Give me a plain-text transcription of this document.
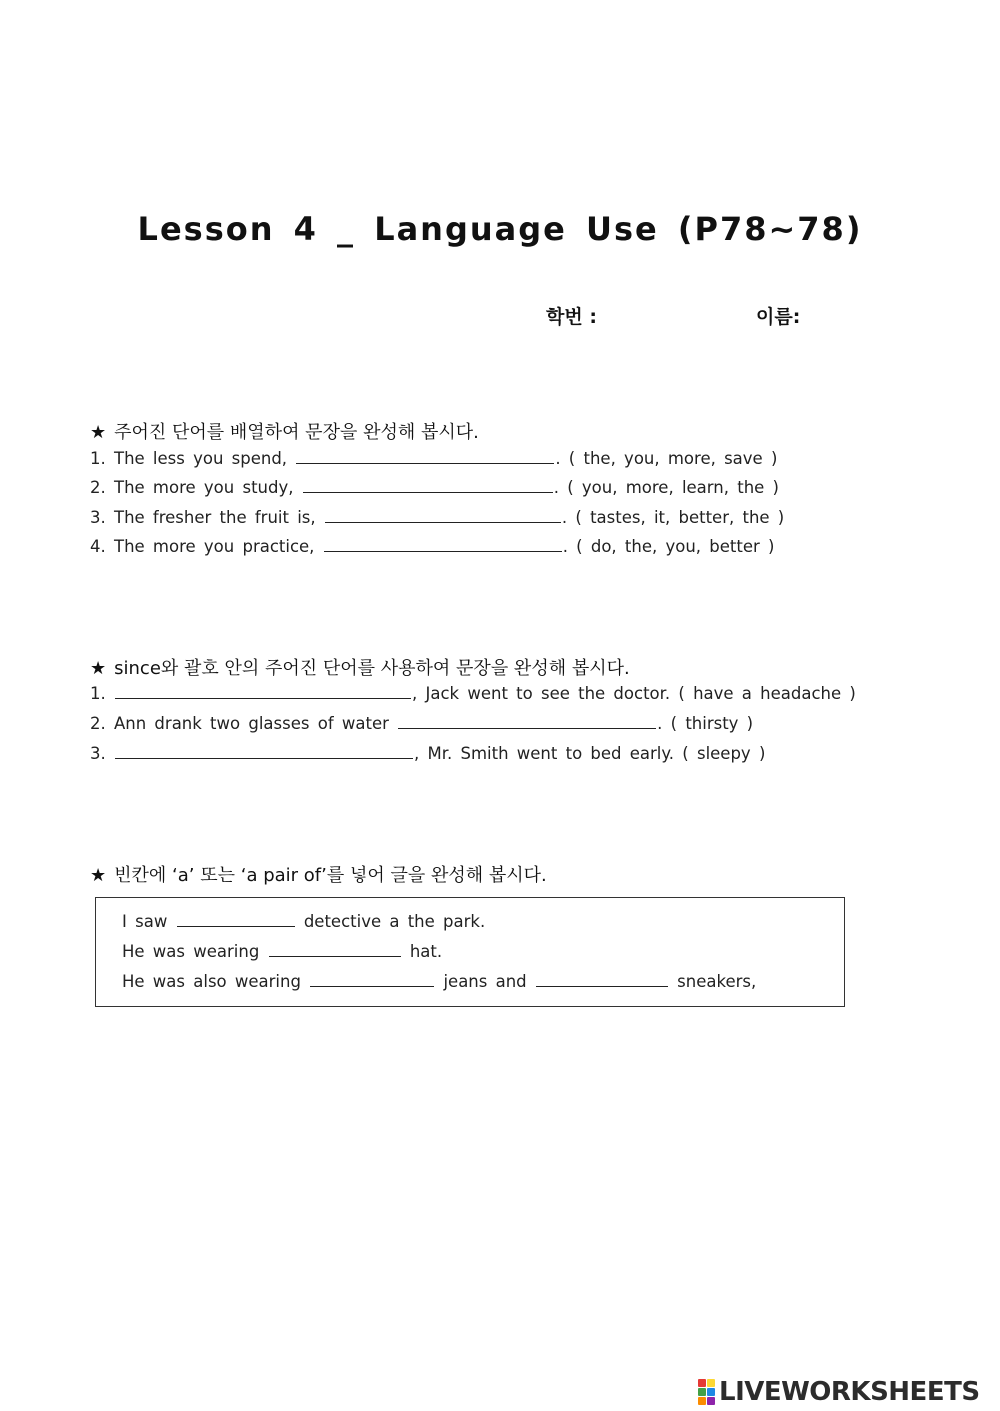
Lesson 4 _ Language Use (P78~78)
학번 :	이름:
★ 주어진 단어를 배열하여 문장을 완성해 봅시다.
1. The less you spend,	. ( the, you, more, save )
2. The more you study,	. ( you, more, learn, the )
3. The fresher the fruit is,	. ( tastes, it, better, the )
4. The more you practice,	. ( do, the, you, better )
★ since와 괄호 안의 주어진 단어를 사용하여 문장을 완성해 봅시다.
1.	, Jack went to see the doctor. ( have a headache )
2. Ann drank two glasses of water	. ( thirsty )
3.	, Mr. Smith went to bed early. ( sleepy )
★ 빈칸에 ‘a’ 또는 ‘a pair of’를 넣어 글을 완성해 봅시다.
I saw	detective a the park.
He was wearing	hat.
He was also wearing	jeans and	sneakers,
LIVEWORKSHEETS
